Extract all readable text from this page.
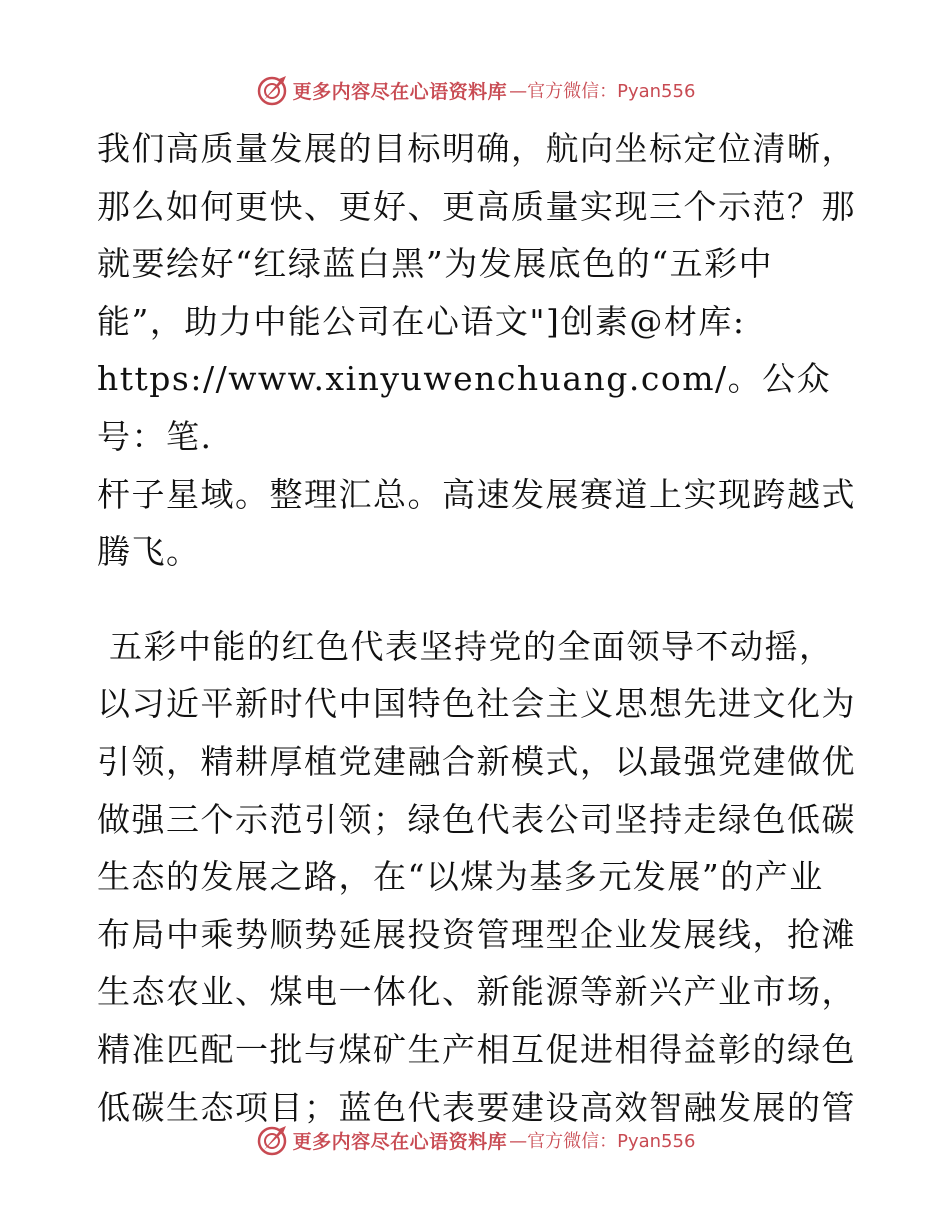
更多内容尽在心语资料库 —官方微信：Pyan556

我们高质量发展的目标明确，航向坐标定位清晰，
那么如何更快、更好、更高质量实现三个示范？那
就要绘好“红绿蓝白黑”为发展底色的“五彩中
能”，助力中能公司在心语文"]创素@材库:
https://www.xinyuwenchuang.com/。公众号：笔.
杆子星域。整理汇总。高速发展赛道上实现跨越式
腾飞。

五彩中能的红色代表坚持党的全面领导不动摇，
以习近平新时代中国特色社会主义思想先进文化为
引领，精耕厚植党建融合新模式，以最强党建做优
做强三个示范引领；绿色代表公司坚持走绿色低碳
生态的发展之路，在“以煤为基多元发展”的产业
布局中乘势顺势延展投资管理型企业发展线，抢滩
生态农业、煤电一体化、新能源等新兴产业市场，
精准匹配一批与煤矿生产相互促进相得益彰的绿色
低碳生态项目；蓝色代表要建设高效智融发展的管

更多内容尽在心语资料库 —官方微信：Pyan556
